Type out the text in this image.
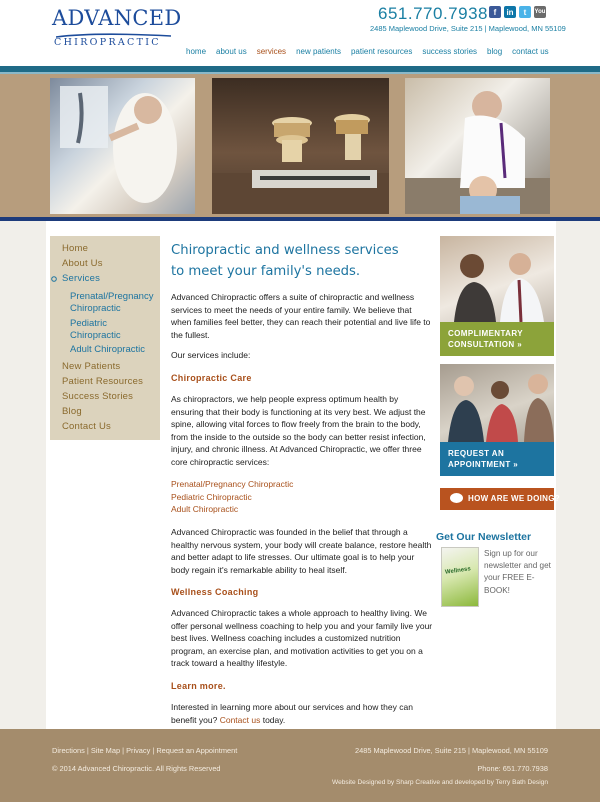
ADVANCED
CHIROPRACTIC
651.770.7938 f	in	t	You
2485 Maplewood Drive, Suite 215 | Maplewood, MN 55109
home about us services new patients patient resources success stories blog contact us
Home
About Us
Services
Prenatal/Pregnancy Chiropractic
Pediatric Chiropractic
Adult Chiropractic
New Patients
Patient Resources
Success Stories
Blog
Contact Us
Chiropractic and wellness services
to meet your family's needs.

Advanced Chiropractic offers a suite of chiropractic and wellness services to meet the needs of your entire family. We believe that when families feel better, they can reach their potential and live life to the fullest.

Our services include:

Chiropractic Care

As chiropractors, we help people express optimum health by ensuring that their body is functioning at its very best. We adjust the spine, allowing vital forces to flow freely from the brain to the body, from the inside to the outside so the body can better resist infection, injury, and chronic illness. At Advanced Chiropractic, we offer three core chiropractic services:

Prenatal/Pregnancy Chiropractic
Pediatric Chiropractic
Adult Chiropractic

Advanced Chiropractic was founded in the belief that through a healthy nervous system, your body will create balance, restore health and better adapt to life stresses. Our ultimate goal is to help your body regain it's remarkable ability to heal itself.

Wellness Coaching

Advanced Chiropractic takes a whole approach to healthy living. We offer personal wellness coaching to help you and your family live your best lives. Wellness coaching includes a customized nutrition program, an exercise plan, and motivation activities to get you on a track toward a healthy lifestyle.

Learn more.

Interested in learning more about our services and how they can benefit you? Contact us today.

COMPLIMENTARY
CONSULTATION »
REQUEST AN
APPOINTMENT »
HOW ARE WE DOING?
Get Our Newsletter
Wellness
Sign up for our newsletter and get your FREE E-BOOK!
Directions | Site Map | Privacy | Request an Appointment	2485 Maplewood Drive, Suite 215 | Maplewood, MN 55109
© 2014 Advanced Chiropractic. All Rights Reserved	Phone: 651.770.7938
Website Designed by Sharp Creative and developed by Terry Bath Design
